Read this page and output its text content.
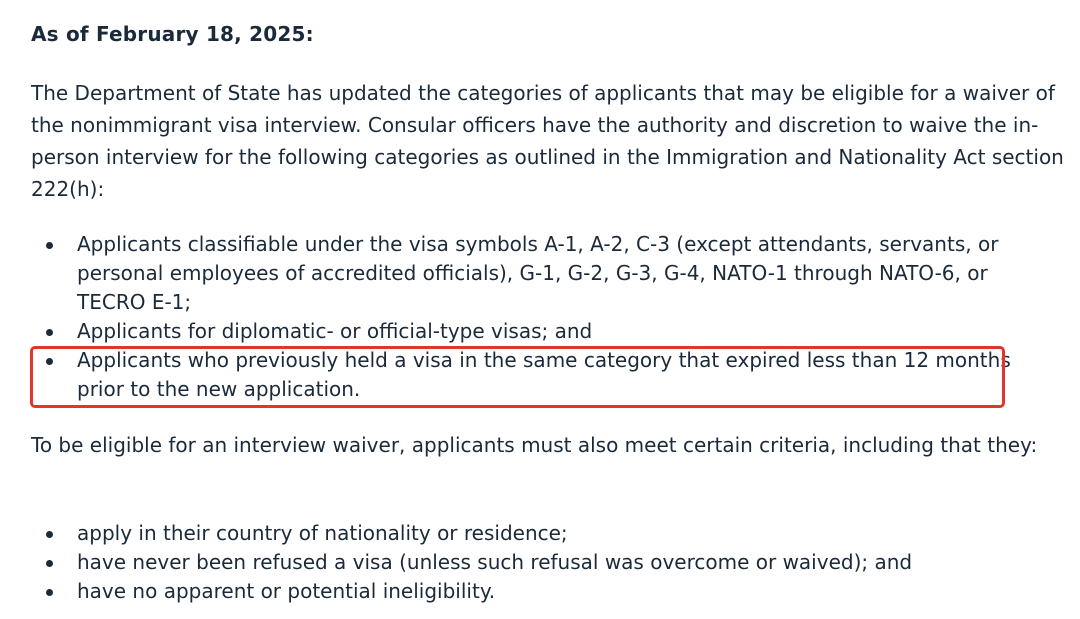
As of February 18, 2025:

The Department of State has updated the categories of applicants that may be eligible for a waiver of the nonimmigrant visa interview. Consular officers have the authority and discretion to waive the in-person interview for the following categories as outlined in the Immigration and Nationality Act section 222(h):

Applicants classifiable under the visa symbols A-1, A-2, C-3 (except attendants, servants, or personal employees of accredited officials), G-1, G-2, G-3, G-4, NATO-1 through NATO-6, or TECRO E-1;
Applicants for diplomatic- or official-type visas; and
Applicants who previously held a visa in the same category that expired less than 12 months prior to the new application.

To be eligible for an interview waiver, applicants must also meet certain criteria, including that they:

apply in their country of nationality or residence;
have never been refused a visa (unless such refusal was overcome or waived); and
have no apparent or potential ineligibility.
